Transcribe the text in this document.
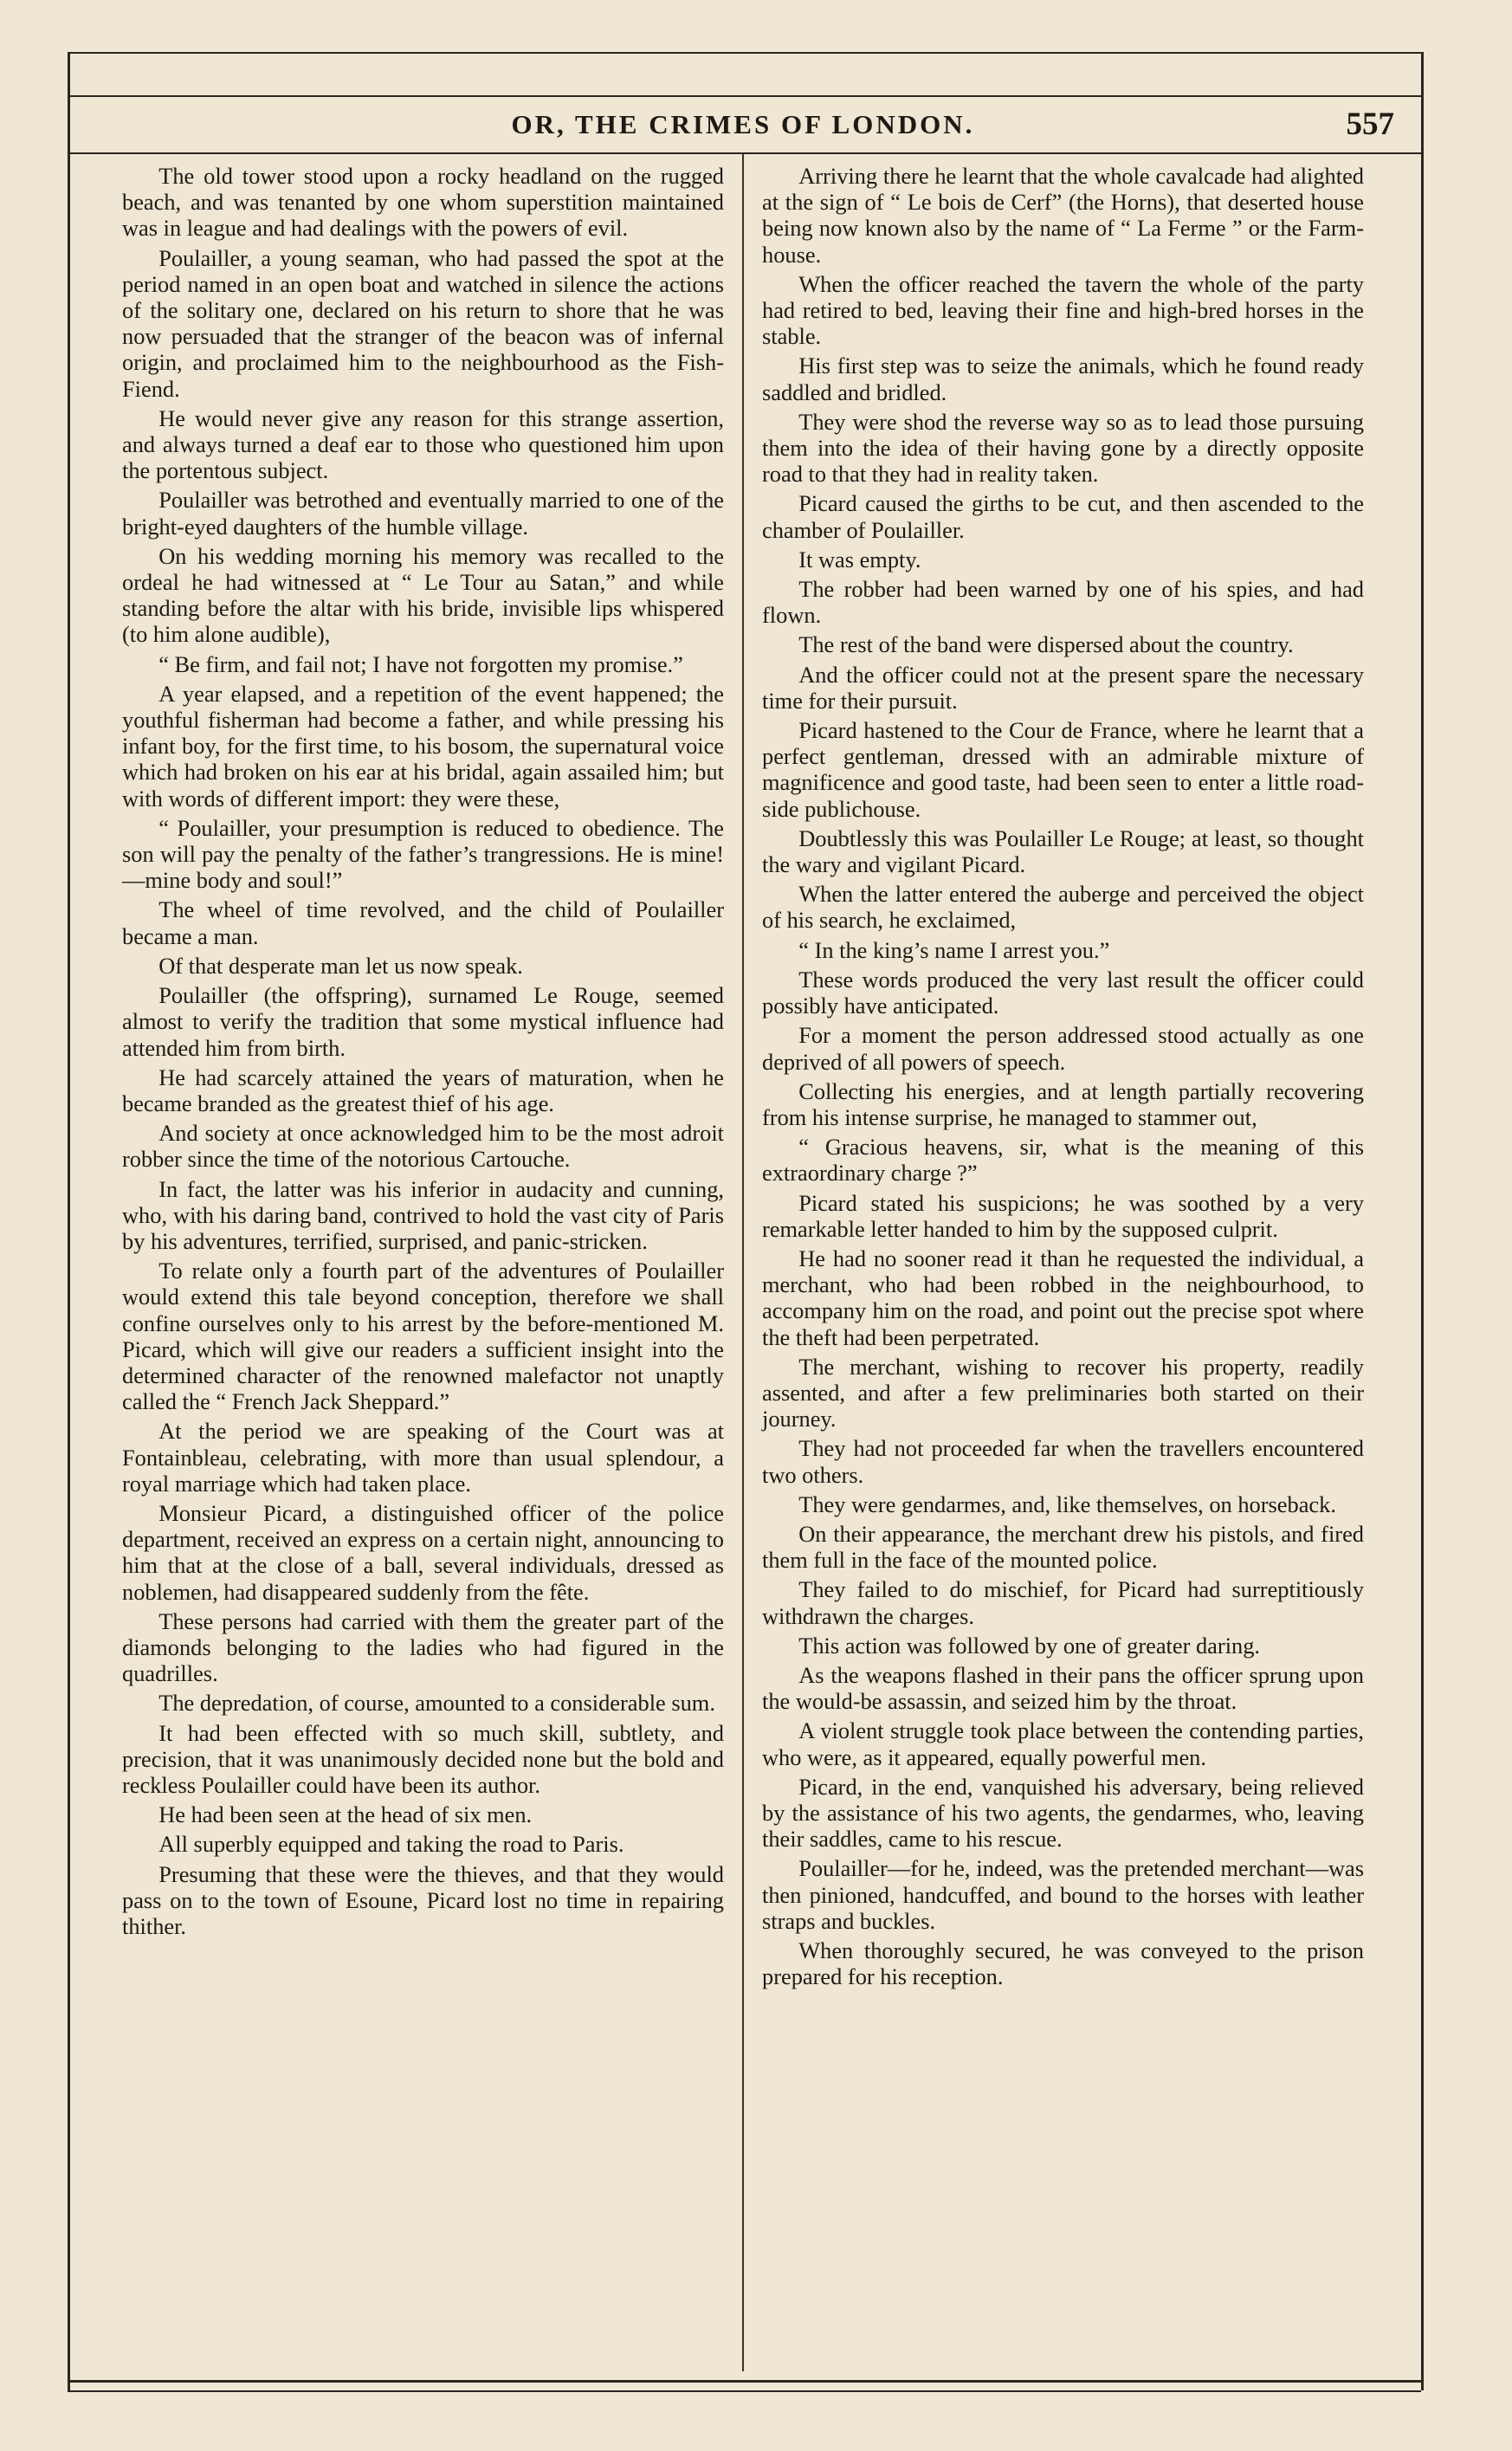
OR, THE CRIMES OF LONDON.	557

The old tower stood upon a rocky headland on the rugged beach, and was tenanted by one whom superstition maintained was in league and had dealings with the powers of evil.

Poulailler, a young seaman, who had passed the spot at the period named in an open boat and watched in silence the actions of the solitary one, declared on his return to shore that he was now persuaded that the stranger of the beacon was of infernal origin, and proclaimed him to the neighbourhood as the Fish-Fiend.

He would never give any reason for this strange assertion, and always turned a deaf ear to those who questioned him upon the portentous subject.

Poulailler was betrothed and eventually married to one of the bright-eyed daughters of the humble village.

On his wedding morning his memory was recalled to the ordeal he had witnessed at “ Le Tour au Satan,” and while standing before the altar with his bride, invisible lips whispered (to him alone audible),

“ Be firm, and fail not; I have not forgotten my promise.”

A year elapsed, and a repetition of the event happened; the youthful fisherman had become a father, and while pressing his infant boy, for the first time, to his bosom, the supernatural voice which had broken on his ear at his bridal, again assailed him; but with words of different import: they were these,

“ Poulailler, your presumption is reduced to obedience. The son will pay the penalty of the father’s trangressions. He is mine!—mine body and soul!”

The wheel of time revolved, and the child of Poulailler became a man.

Of that desperate man let us now speak.

Poulailler (the offspring), surnamed Le Rouge, seemed almost to verify the tradition that some mystical influence had attended him from birth.

He had scarcely attained the years of maturation, when he became branded as the greatest thief of his age.

And society at once acknowledged him to be the most adroit robber since the time of the notorious Cartouche.

In fact, the latter was his inferior in audacity and cunning, who, with his daring band, contrived to hold the vast city of Paris by his adventures, terrified, surprised, and panic-stricken.

To relate only a fourth part of the adventures of Poulailler would extend this tale beyond conception, therefore we shall confine ourselves only to his arrest by the before-mentioned M. Picard, which will give our readers a sufficient insight into the determined character of the renowned malefactor not unaptly called the “ French Jack Sheppard.”

At the period we are speaking of the Court was at Fontainbleau, celebrating, with more than usual splendour, a royal marriage which had taken place.

Monsieur Picard, a distinguished officer of the police department, received an express on a certain night, announcing to him that at the close of a ball, several individuals, dressed as noblemen, had disappeared suddenly from the fête.

These persons had carried with them the greater part of the diamonds belonging to the ladies who had figured in the quadrilles.

The depredation, of course, amounted to a considerable sum.

It had been effected with so much skill, subtlety, and precision, that it was unanimously decided none but the bold and reckless Poulailler could have been its author.

He had been seen at the head of six men.

All superbly equipped and taking the road to Paris.

Presuming that these were the thieves, and that they would pass on to the town of Esoune, Picard lost no time in repairing thither.

Arriving there he learnt that the whole cavalcade had alighted at the sign of “ Le bois de Cerf” (the Horns), that deserted house being now known also by the name of “ La Ferme ” or the Farm-house.

When the officer reached the tavern the whole of the party had retired to bed, leaving their fine and high-bred horses in the stable.

His first step was to seize the animals, which he found ready saddled and bridled.

They were shod the reverse way so as to lead those pursuing them into the idea of their having gone by a directly opposite road to that they had in reality taken.

Picard caused the girths to be cut, and then ascended to the chamber of Poulailler.

It was empty.

The robber had been warned by one of his spies, and had flown.

The rest of the band were dispersed about the country.

And the officer could not at the present spare the necessary time for their pursuit.

Picard hastened to the Cour de France, where he learnt that a perfect gentleman, dressed with an admirable mixture of magnificence and good taste, had been seen to enter a little road-side publichouse.

Doubtlessly this was Poulailler Le Rouge; at least, so thought the wary and vigilant Picard.

When the latter entered the auberge and perceived the object of his search, he exclaimed,

“ In the king’s name I arrest you.”

These words produced the very last result the officer could possibly have anticipated.

For a moment the person addressed stood actually as one deprived of all powers of speech.

Collecting his energies, and at length partially recovering from his intense surprise, he managed to stammer out,

“ Gracious heavens, sir, what is the meaning of this extraordinary charge ?”

Picard stated his suspicions; he was soothed by a very remarkable letter handed to him by the supposed culprit.

He had no sooner read it than he requested the individual, a merchant, who had been robbed in the neighbourhood, to accompany him on the road, and point out the precise spot where the theft had been perpetrated.

The merchant, wishing to recover his property, readily assented, and after a few preliminaries both started on their journey.

They had not proceeded far when the travellers encountered two others.

They were gendarmes, and, like themselves, on horseback.

On their appearance, the merchant drew his pistols, and fired them full in the face of the mounted police.

They failed to do mischief, for Picard had surreptitiously withdrawn the charges.

This action was followed by one of greater daring.

As the weapons flashed in their pans the officer sprung upon the would-be assassin, and seized him by the throat.

A violent struggle took place between the contending parties, who were, as it appeared, equally powerful men.

Picard, in the end, vanquished his adversary, being relieved by the assistance of his two agents, the gendarmes, who, leaving their saddles, came to his rescue.

Poulailler—for he, indeed, was the pretended merchant—was then pinioned, handcuffed, and bound to the horses with leather straps and buckles.

When thoroughly secured, he was conveyed to the prison prepared for his reception.
